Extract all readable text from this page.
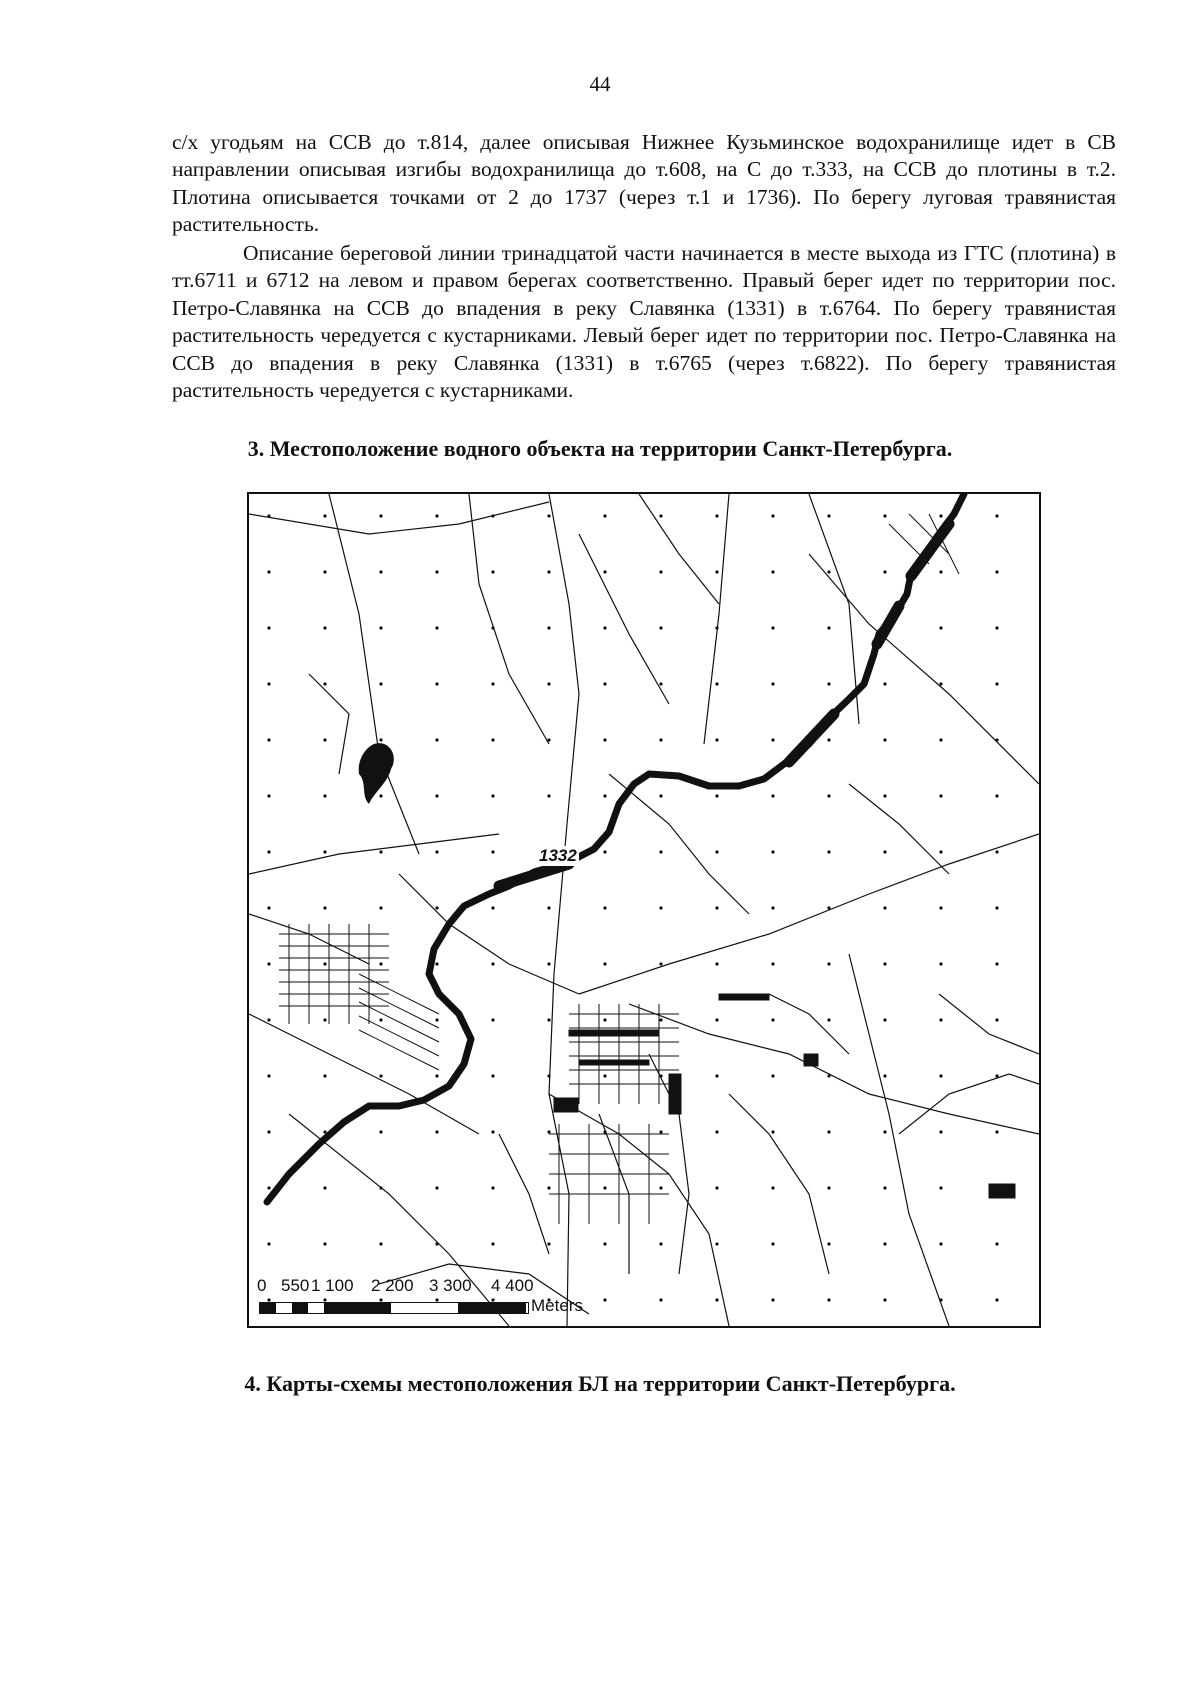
44

с/х угодьям на ССВ до т.814, далее описывая Нижнее Кузьминское водохранилище идет в СВ направлении описывая изгибы водохранилища до т.608, на С до т.333, на ССВ до плотины в т.2. Плотина описывается точками от 2 до 1737 (через т.1 и 1736). По берегу луговая травянистая растительность.

Описание береговой линии тринадцатой части начинается в месте выхода из ГТС (плотина) в тт.6711 и 6712 на левом и правом берегах соответственно. Правый берег идет по территории пос. Петро-Славянка на ССВ до впадения в реку Славянка (1331) в т.6764. По берегу травянистая растительность чередуется с кустарниками. Левый берег идет по территории пос. Петро-Славянка на ССВ до впадения в реку Славянка (1331) в т.6765 (через т.6822). По берегу травянистая растительность чередуется с кустарниками.

3. Местоположение водного объекта на территории Санкт-Петербурга.
1332
0 550 1 100	2 200 3 300	4 400
Meters
4. Карты-схемы местоположения БЛ на территории Санкт-Петербурга.
